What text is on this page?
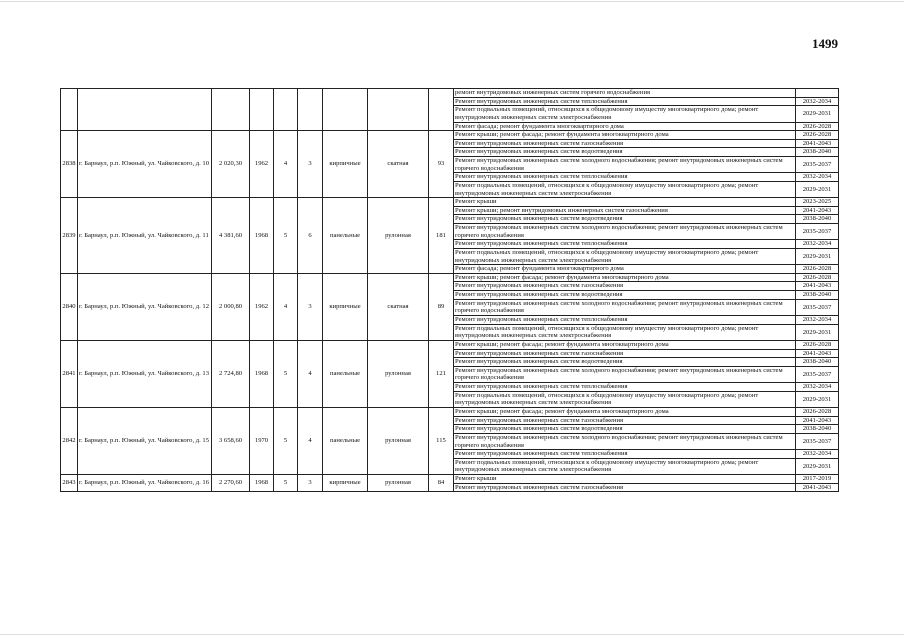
1499
									ремонт внутридомовых инженерных систем горячего водоснабжения	
									Ремонт внутридомовых инженерных систем теплоснабжения	2032-2034
									Ремонт подвальных помещений, относящихся к общедомовому имуществу многоквартирного дома; ремонт внутридомовых инженерных систем электроснабжения	2029-2031
									Ремонт фасада; ремонт фундамента многоквартирного дома	2026-2028
2838	г. Барнаул, р.п. Южный, ул. Чайковского, д. 10	2 020,30	1962	4	3	кирпичные	скатная	93	Ремонт крыши; ремонт фасада; ремонт фундамента многоквартирного дома	2026-2028
									Ремонт внутридомовых инженерных систем газоснабжения	2041-2043
									Ремонт внутридомовых инженерных систем водоотведения	2038-2040
									Ремонт внутридомовых инженерных систем холодного водоснабжения; ремонт внутридомовых инженерных систем горячего водоснабжения	2035-2037
									Ремонт внутридомовых инженерных систем теплоснабжения	2032-2034
									Ремонт подвальных помещений, относящихся к общедомовому имуществу многоквартирного дома; ремонт внутридомовых инженерных систем электроснабжения	2029-2031
2839	г. Барнаул, р.п. Южный, ул. Чайковского, д. 11	4 381,60	1968	5	6	панельные	рулонная	181	Ремонт крыши	2023-2025
									Ремонт крыши; ремонт внутридомовых инженерных систем газоснабжения	2041-2043
									Ремонт внутридомовых инженерных систем водоотведения	2038-2040
									Ремонт внутридомовых инженерных систем холодного водоснабжения; ремонт внутридомовых инженерных систем горячего водоснабжения	2035-2037
									Ремонт внутридомовых инженерных систем теплоснабжения	2032-2034
									Ремонт подвальных помещений, относящихся к общедомовому имуществу многоквартирного дома; ремонт внутридомовых инженерных систем электроснабжения	2029-2031
									Ремонт фасада; ремонт фундамента многоквартирного дома	2026-2028
2840	г. Барнаул, р.п. Южный, ул. Чайковского, д. 12	2 000,80	1962	4	3	кирпичные	скатная	89	Ремонт крыши; ремонт фасада; ремонт фундамента многоквартирного дома	2026-2028
									Ремонт внутридомовых инженерных систем газоснабжения	2041-2043
									Ремонт внутридомовых инженерных систем водоотведения	2038-2040
									Ремонт внутридомовых инженерных систем холодного водоснабжения; ремонт внутридомовых инженерных систем горячего водоснабжения	2035-2037
									Ремонт внутридомовых инженерных систем теплоснабжения	2032-2034
									Ремонт подвальных помещений, относящихся к общедомовому имуществу многоквартирного дома; ремонт внутридомовых инженерных систем электроснабжения	2029-2031
2841	г. Барнаул, р.п. Южный, ул. Чайковского, д. 13	2 724,80	1968	5	4	панельные	рулонная	121	Ремонт крыши; ремонт фасада; ремонт фундамента многоквартирного дома	2026-2028
									Ремонт внутридомовых инженерных систем газоснабжения	2041-2043
									Ремонт внутридомовых инженерных систем водоотведения	2038-2040
									Ремонт внутридомовых инженерных систем холодного водоснабжения; ремонт внутридомовых инженерных систем горячего водоснабжения	2035-2037
									Ремонт внутридомовых инженерных систем теплоснабжения	2032-2034
									Ремонт подвальных помещений, относящихся к общедомовому имуществу многоквартирного дома; ремонт внутридомовых инженерных систем электроснабжения	2029-2031
2842	г. Барнаул, р.п. Южный, ул. Чайковского, д. 15	3 658,60	1970	5	4	панельные	рулонная	115	Ремонт крыши; ремонт фасада; ремонт фундамента многоквартирного дома	2026-2028
									Ремонт внутридомовых инженерных систем газоснабжения	2041-2043
									Ремонт внутридомовых инженерных систем водоотведения	2038-2040
									Ремонт внутридомовых инженерных систем холодного водоснабжения; ремонт внутридомовых инженерных систем горячего водоснабжения	2035-2037
									Ремонт внутридомовых инженерных систем теплоснабжения	2032-2034
									Ремонт подвальных помещений, относящихся к общедомовому имуществу многоквартирного дома; ремонт внутридомовых инженерных систем электроснабжения	2029-2031
2843	г. Барнаул, р.п. Южный, ул. Чайковского, д. 16	2 270,60	1968	5	3	кирпичные	рулонная	84	Ремонт крыши	2017-2019
									Ремонт внутридомовых инженерных систем газоснабжения	2041-2043
